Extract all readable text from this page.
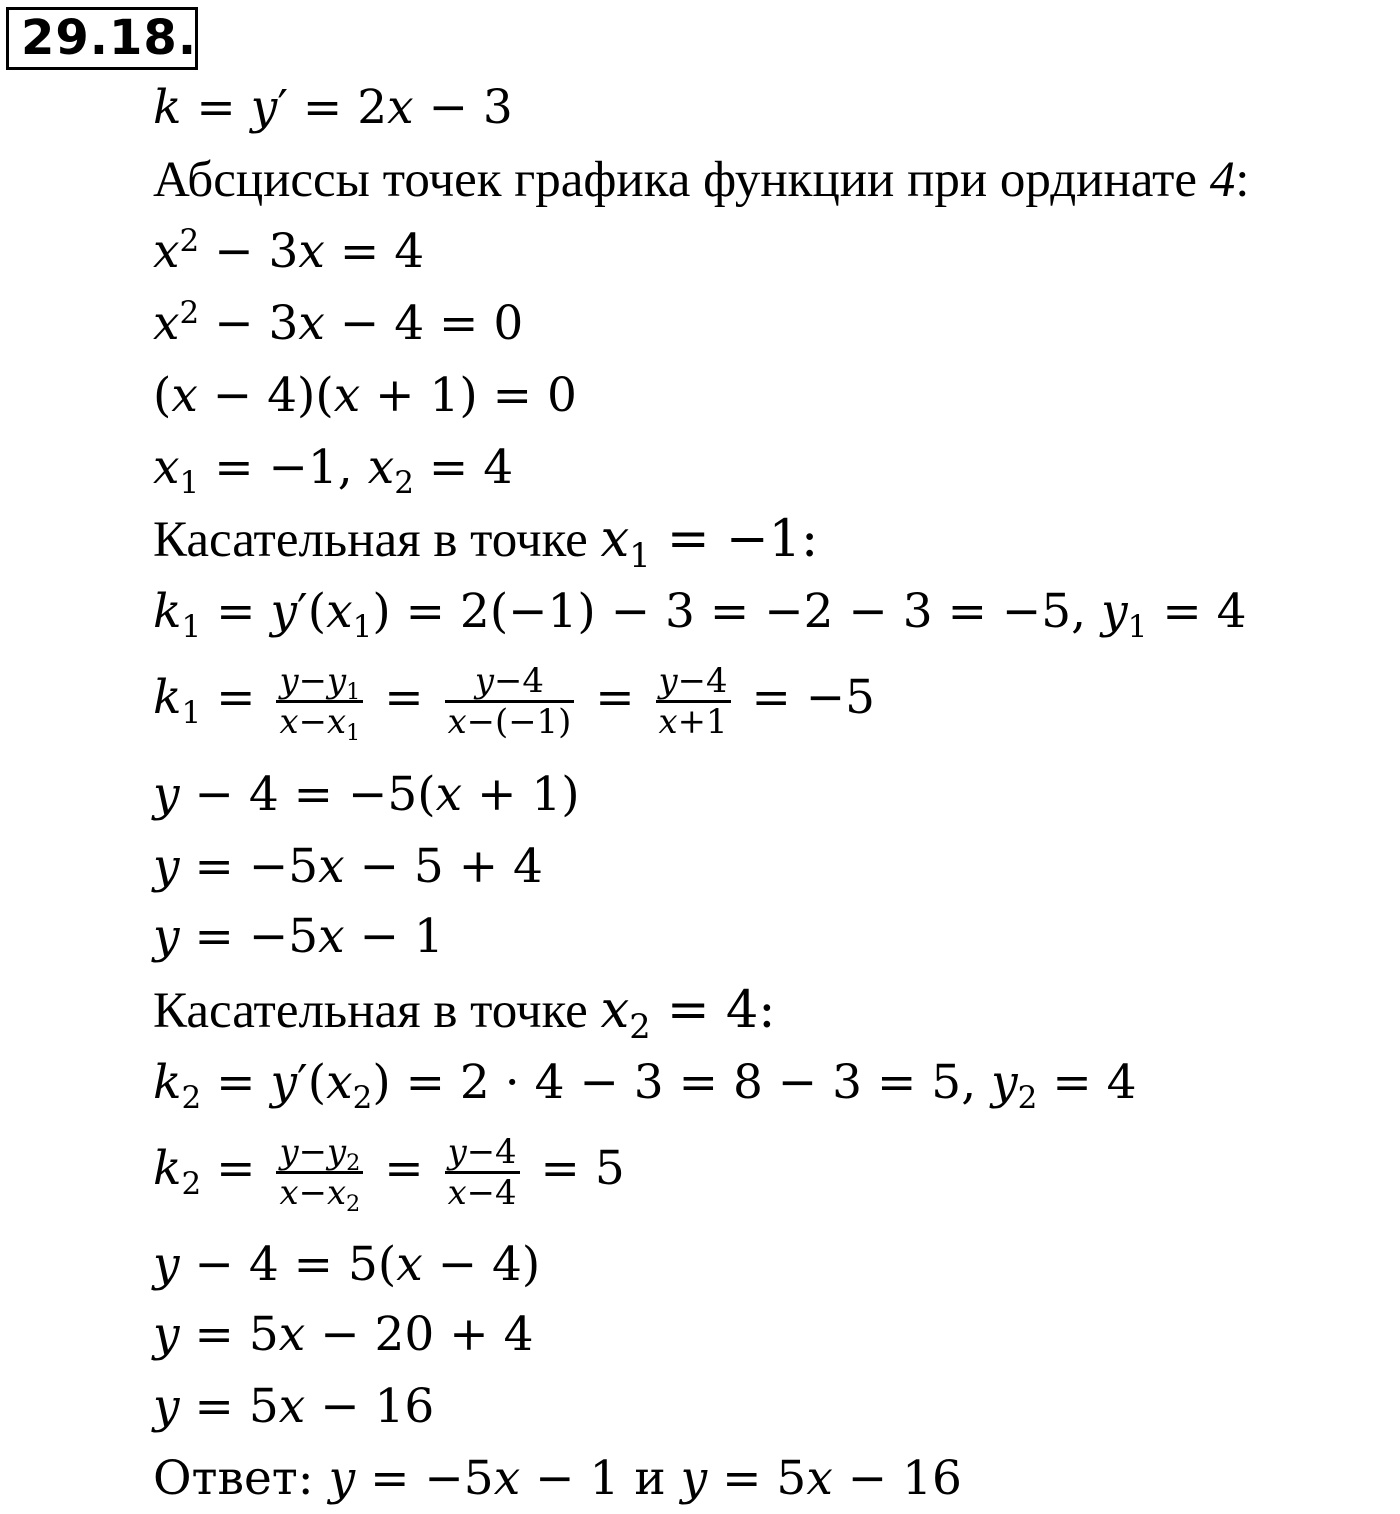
29.18.
k = y′ = 2x − 3
Абсциссы точек графика функции при ординате 4:
$x^2 - 3x = 4$
$x^2 - 3x - 4 = 0$
(x − 4)(x + 1) = 0
$x_1 = -1$, $x_2 = 4$
Касательная в точке $x_1 = -1$:
$k_1 = y'(x_1) = 2(-1) - 3 = -2 - 3 = -5$, $y_1 = 4$
$k_1 = \frac{y-y_1}{x-x_1} = \frac{y-4}{x-(-1)} = \frac{y-4}{x+1} = -5$
y − 4 = −5(x + 1)
y = −5x − 5 + 4
y = −5x − 1
Касательная в точке $x_2 = 4$:
$k_2 = y'(x_2) = 2 \cdot 4 - 3 = 8 - 3 = 5$, $y_2 = 4$
$k_2 = \frac{y-y_2}{x-x_2} = \frac{y-4}{x-4} = 5$
y − 4 = 5(x − 4)
y = 5x − 20 + 4
y = 5x − 16
Ответ: y = −5x − 1 и y = 5x − 16
